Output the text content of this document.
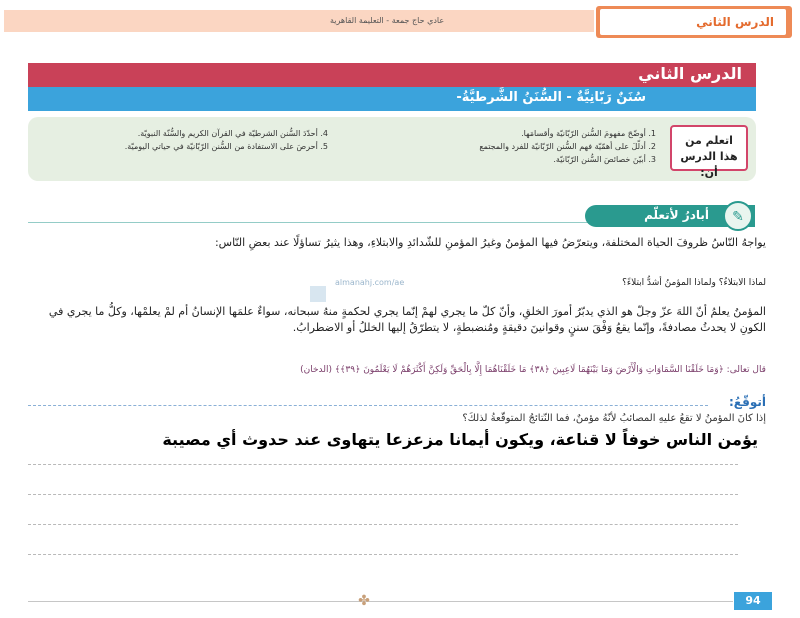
عادي حاج جمعة - التعليمة القاهرية	الدرس الثاني
الدرس الثاني
سُنَنٌ رَبّانِيَّةٌ - السُّنَنُ الشَّرطيَّةُ-
اتعلم من
هذا الدرس أن:

1. أوضّحَ مفهومَ السُّنن الرّبّانيّة وأقسامَها.

2. أدلّلَ على أهمّيّة فهم السُّنن الرّبّانيّة للفرد والمجتمع

3. أبيّنَ خصائصَ السُّنن الرّبّانيّة.

4. أحدّدَ السُّنن الشرطيّة في القرآن الكريم والسُّنّة النبويّة.

5. أحرصَ على الاستفادة من السُّنن الرّبّانيّة في حياتي اليوميّة.

أبادرُ لأتعلّم	✎
يواجهُ النّاسُ ظروفَ الحياة المختلفة، ويتعرّضُ فيها المؤمنُ وغيرُ المؤمنِ للشّدائدِ والابتلاءِ، وهذا يثيرُ تساؤلًا عند بعضِ النّاس:
لماذا الابتلاءُ؟ ولماذا المؤمنُ أشدُّ ابتلاءً؟
almanahj.com/ae
المؤمنُ يعلمُ أنّ اللهَ عزّ وجلّ هو الذي يدبّرُ أمورَ الخلقِ، وأنّ كلّ ما يجري لهمْ إنّما يجري لحكمةٍ منهُ سبحانه، سواءٌ علمَها الإنسانُ أم لمْ يعلمْها، وكلُّ ما يجري في الكونِ لا يحدثُ مصادفةً، وإنّما يقعُ وَفْقَ سننٍ وقوانينَ دقيقةٍ ومُنضبطةٍ، لا يتطرّقُ إليها الخللُ أو الاضطرابُ.
قال تعالى: ﴿وَمَا خَلَقْنَا السَّمَاوَاتِ وَالْأَرْضَ وَمَا بَيْنَهُمَا لَاعِبِينَ ﴿٣٨﴾ مَا خَلَقْنَاهُمَا إِلَّا بِالْحَقِّ وَلَكِنَّ أَكْثَرَهُمْ لَا يَعْلَمُونَ ﴿٣٩﴾﴾ (الدخان)
أتوقّعُ:
إذا كانَ المؤمنُ لا تقعُ عليهِ المصائبُ لأنّهُ مؤمنٌ، فما النّتائجُ المتوقّعةُ لذلكَ؟
يؤمن الناس خوفاً لا قناعة، ويكون أيمانا مزعزعا يتهاوى عند حدوث أي مصيبة
✤	94
